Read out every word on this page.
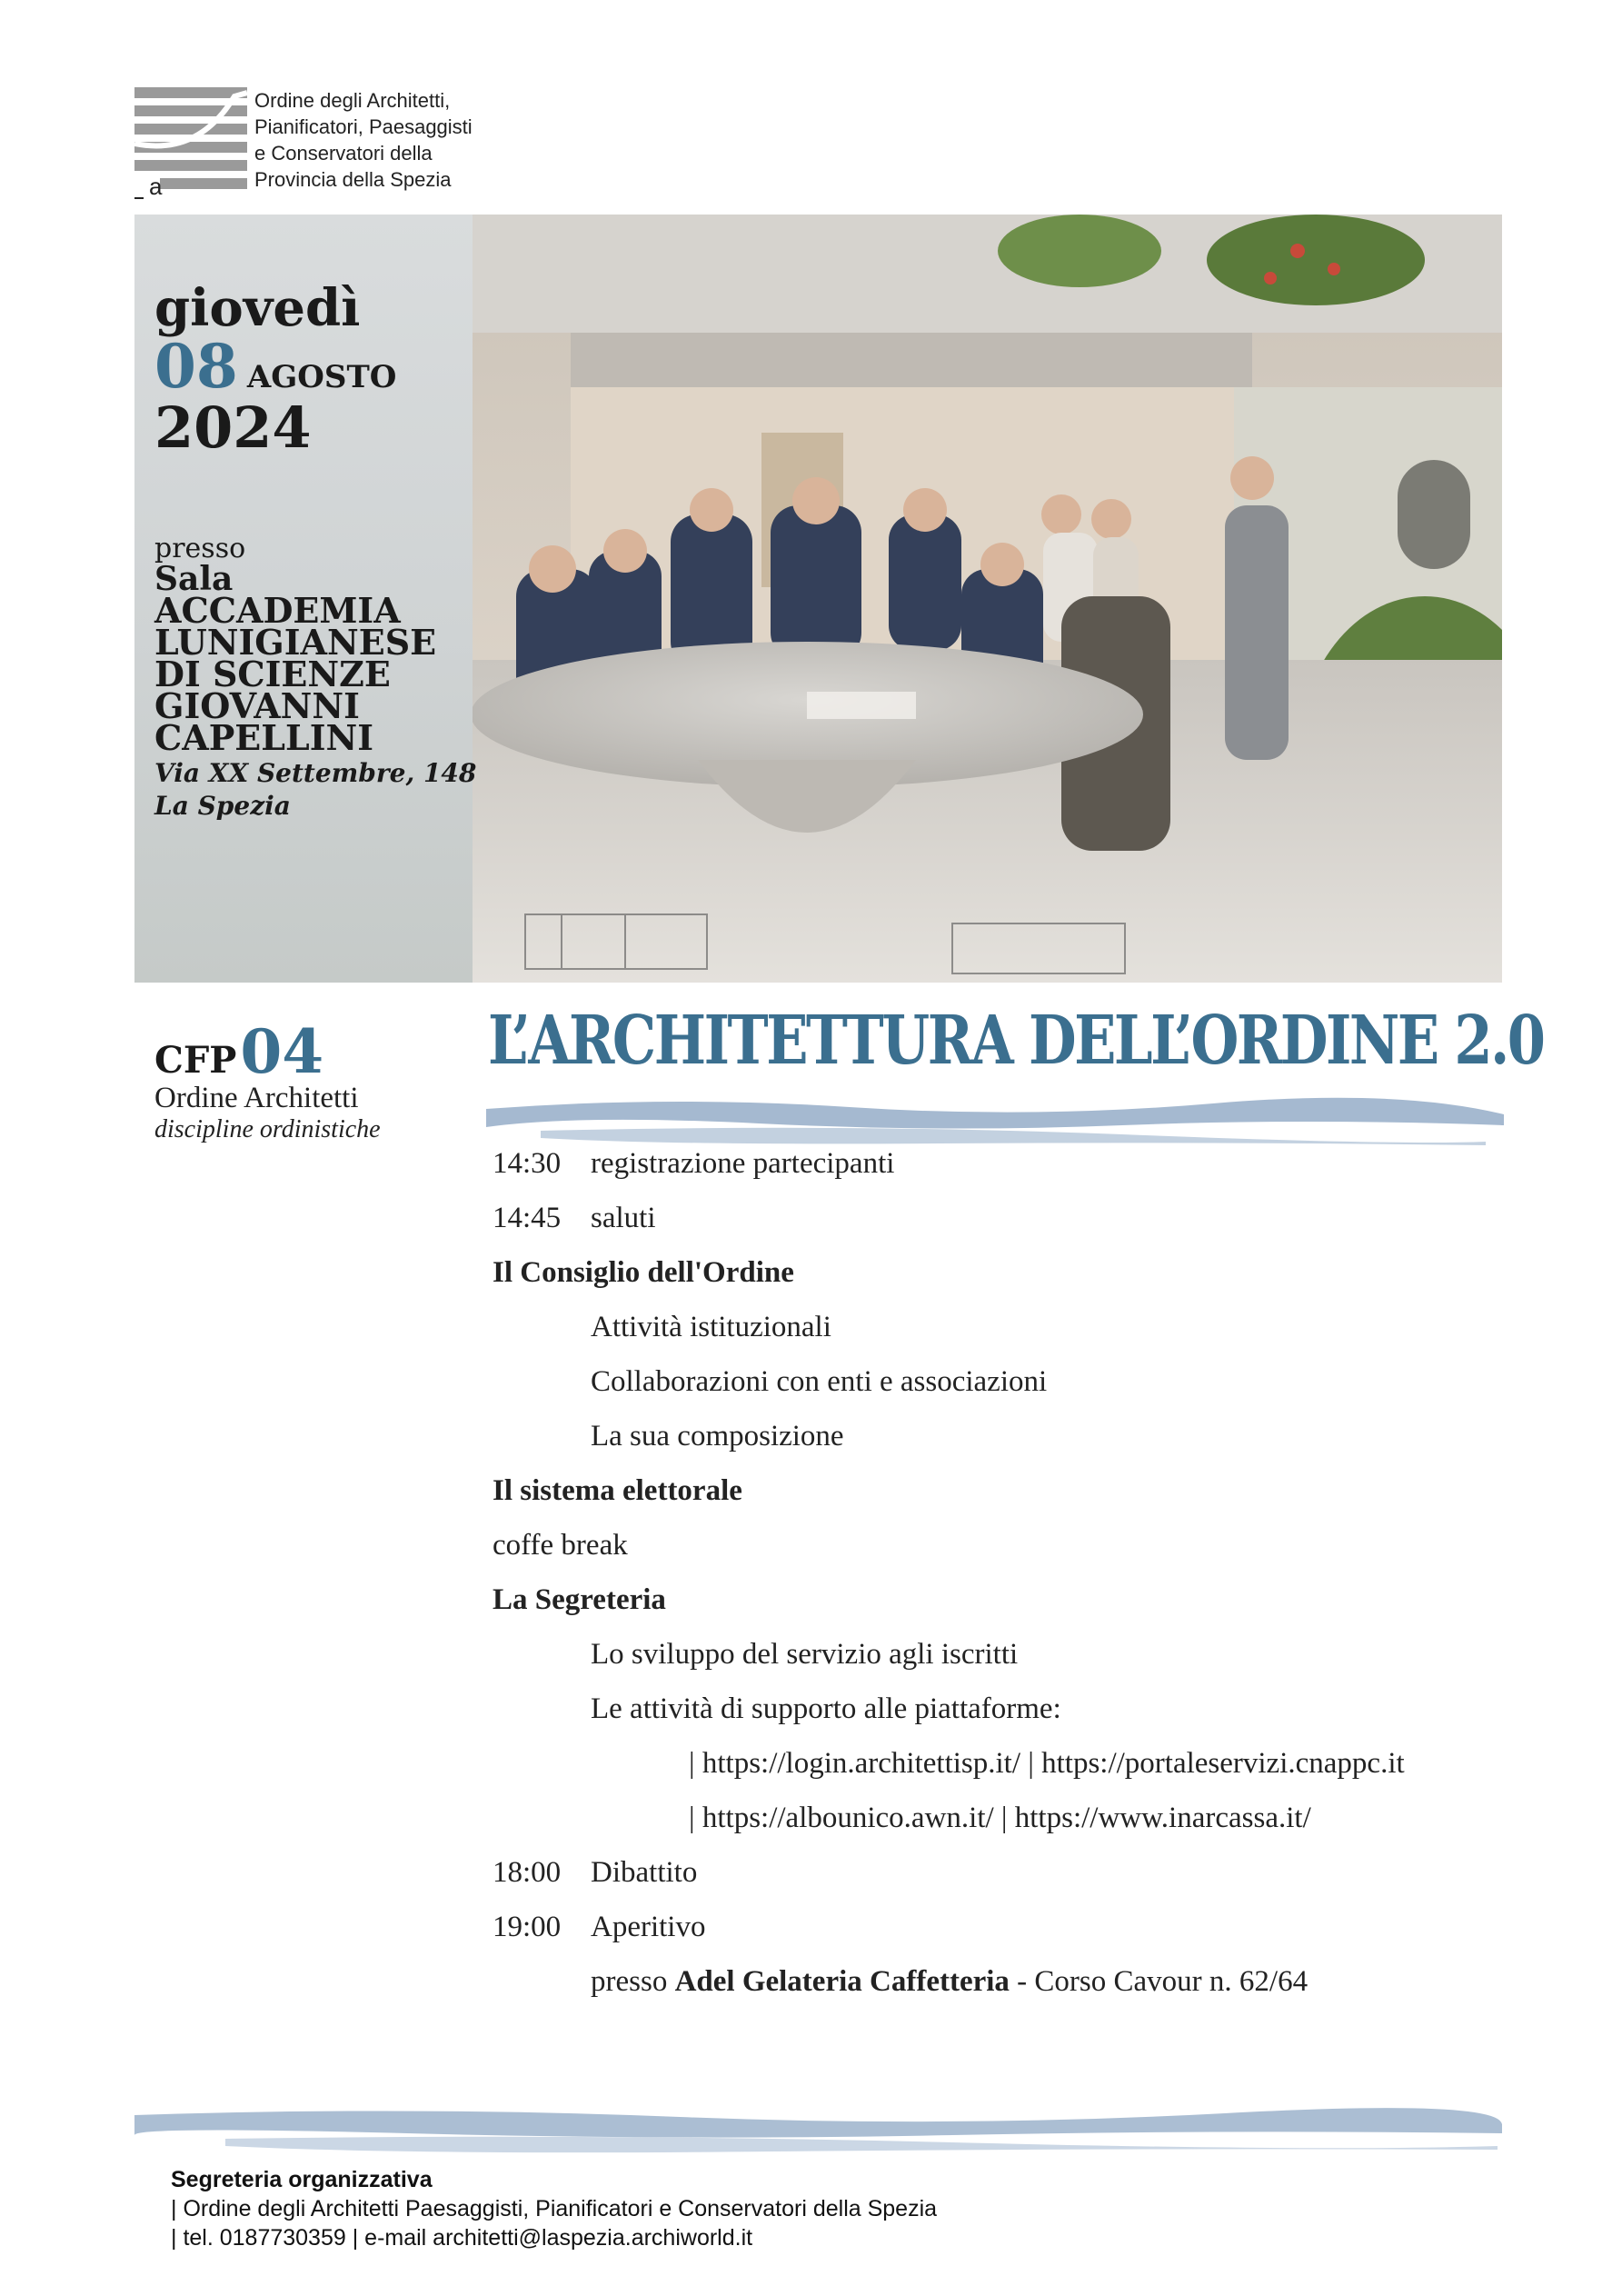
a
Ordine degli Architetti,
Pianificatori, Paesaggisti
e Conservatori della
Provincia della Spezia
giovedì
08 AGOSTO
2024
presso
Sala
ACCADEMIA
LUNIGIANESE
DI SCIENZE
GIOVANNI
CAPELLINI
Via XX Settembre, 148
La Spezia
CFP 04
Ordine Architetti
discipline ordinistiche
L’ARCHITETTURA DELL’ORDINE 2.0
14:30 registrazione partecipanti
14:45 saluti
Il Consiglio dell'Ordine
Attività istituzionali
Collaborazioni con enti e associazioni
La sua composizione
Il sistema elettorale
coffe break
La Segreteria
Lo sviluppo del servizio agli iscritti
Le attività di supporto alle piattaforme:
| https://login.architettisp.it/ | https://portaleservizi.cnappc.it
| https://albounico.awn.it/ | https://www.inarcassa.it/
18:00 Dibattito
19:00 Aperitivo
presso Adel Gelateria Caffetteria - Corso Cavour n. 62/64
Segreteria organizzativa
| Ordine degli Architetti Paesaggisti, Pianificatori e Conservatori della Spezia
| tel. 0187730359 | e-mail architetti@laspezia.archiworld.it
